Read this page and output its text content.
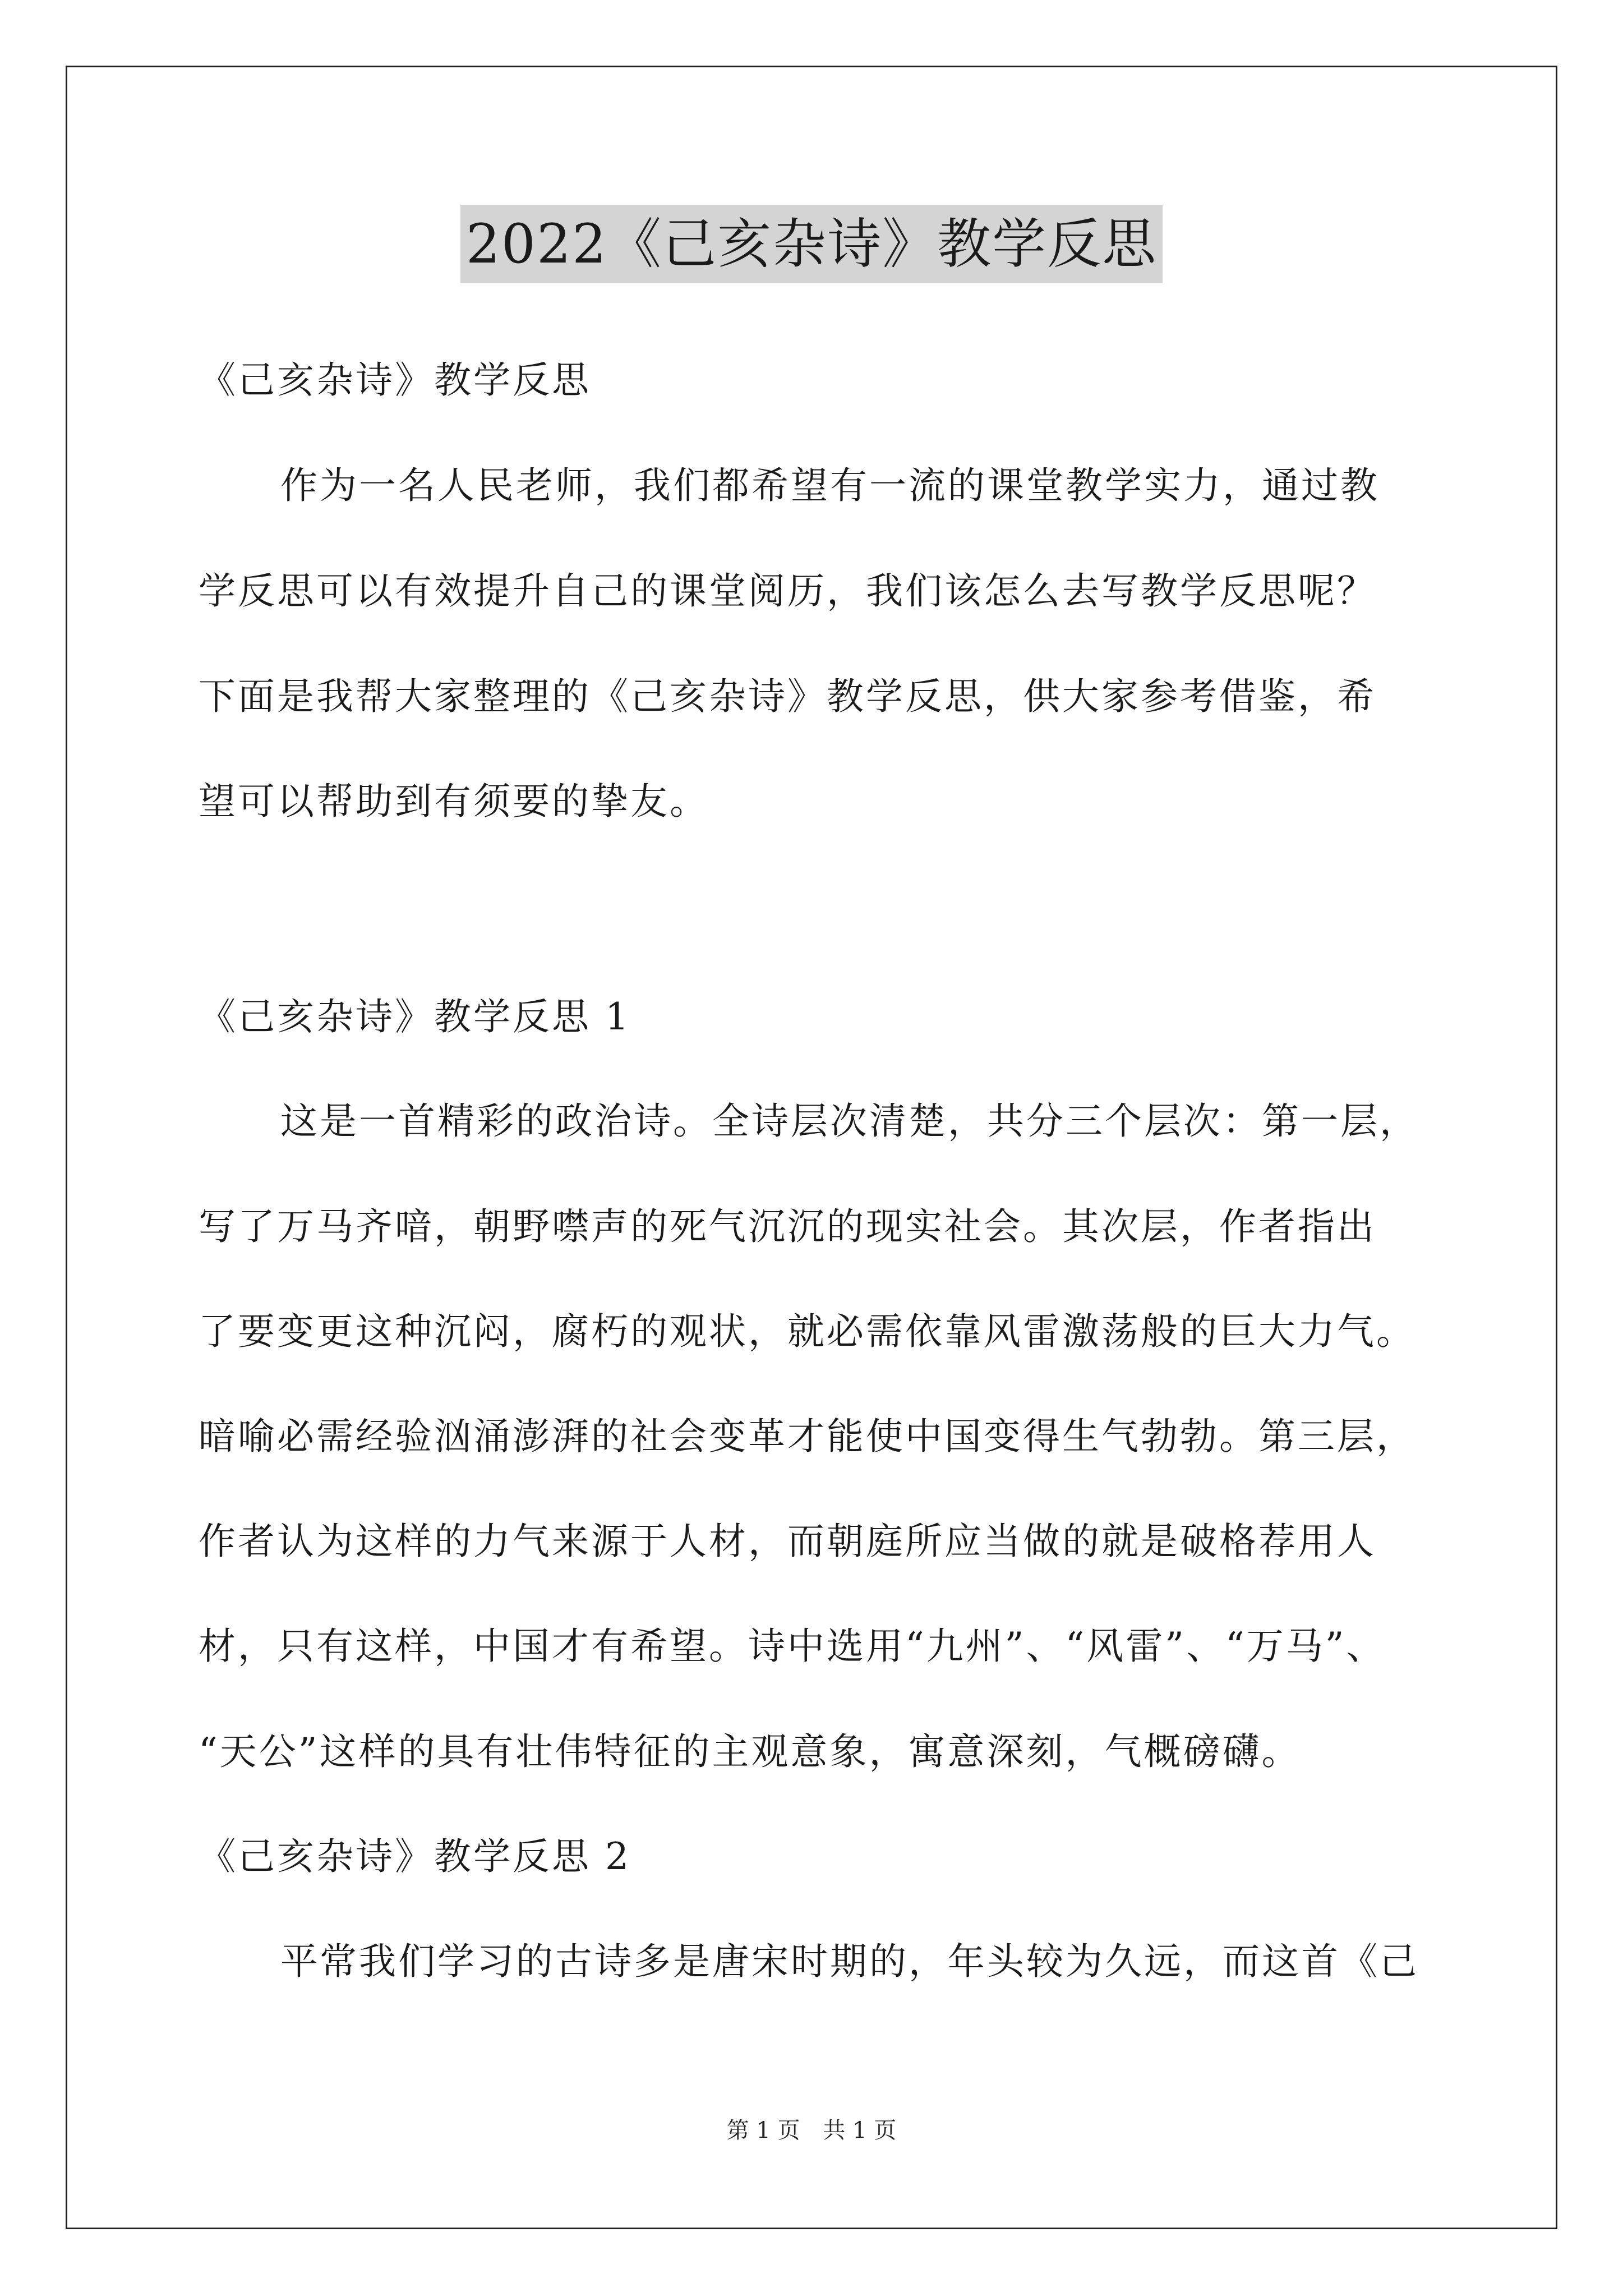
2022《己亥杂诗》教学反思
《己亥杂诗》教学反思
作为一名人民老师，我们都希望有一流的课堂教学实力，通过教
学反思可以有效提升自己的课堂阅历，我们该怎么去写教学反思呢？
下面是我帮大家整理的《己亥杂诗》教学反思，供大家参考借鉴，希
望可以帮助到有须要的挚友。
《己亥杂诗》教学反思 1
这是一首精彩的政治诗。全诗层次清楚，共分三个层次：第一层，
写了万马齐喑，朝野噤声的死气沉沉的现实社会。其次层，作者指出
了要变更这种沉闷，腐朽的观状，就必需依靠风雷激荡般的巨大力气。
暗喻必需经验汹涌澎湃的社会变革才能使中国变得生气勃勃。第三层，
作者认为这样的力气来源于人材，而朝庭所应当做的就是破格荐用人
材，只有这样，中国才有希望。诗中选用“九州”、“风雷”、“万马”、
“天公”这样的具有壮伟特征的主观意象，寓意深刻，气概磅礴。
《己亥杂诗》教学反思 2
平常我们学习的古诗多是唐宋时期的，年头较为久远，而这首《己
第 1 页 共 1 页
